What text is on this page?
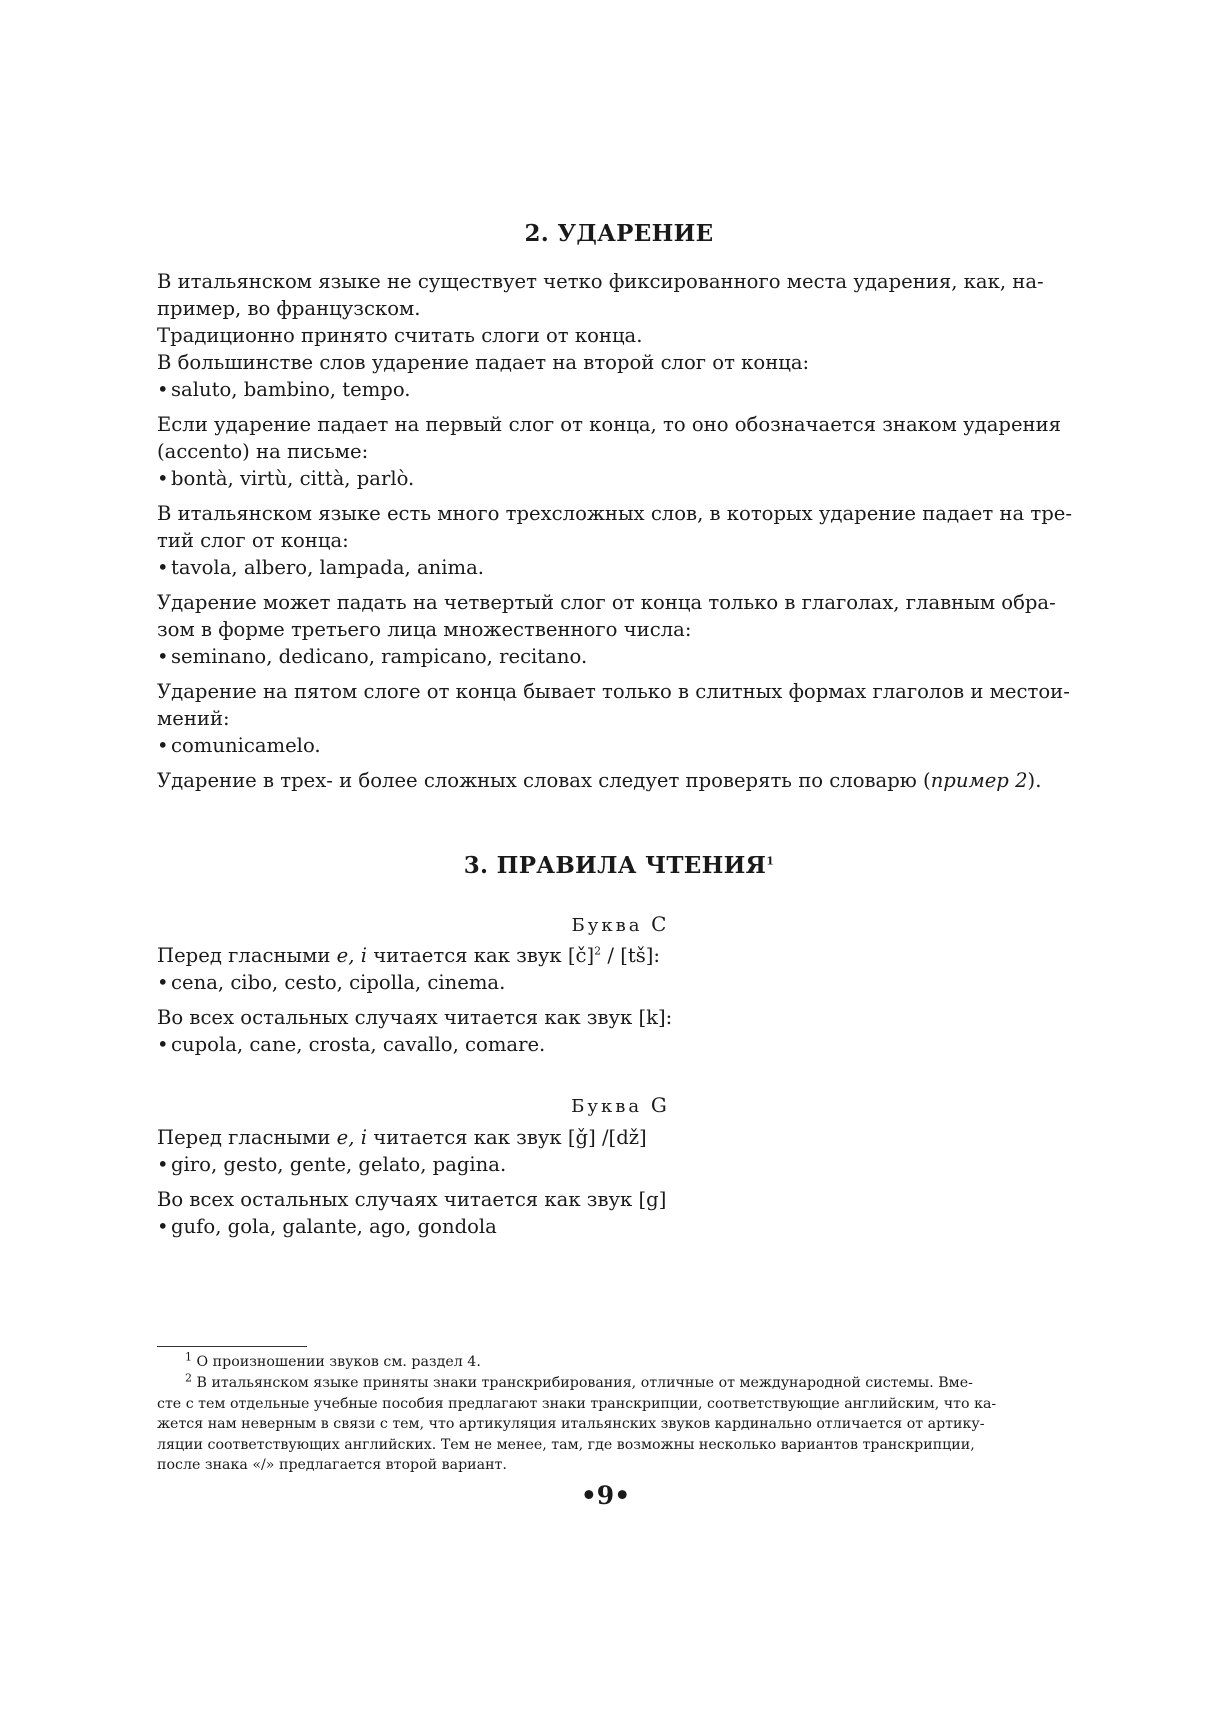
2. УДАРЕНИЕ
В итальянском языке не существует четко фиксированного места ударения, как, на-
пример, во французском.
Традиционно принято считать слоги от конца.
В большинстве слов ударение падает на второй слог от конца:
• saluto, bambino, tempo.
Если ударение падает на первый слог от конца, то оно обозначается знаком ударения
(accento) на письме:
• bontà, virtù, città, parlò.
В итальянском языке есть много трехсложных слов, в которых ударение падает на тре-
тий слог от конца:
• tavola, albero, lampada, anima.
Ударение может падать на четвертый слог от конца только в глаголах, главным обра-
зом в форме третьего лица множественного числа:
• seminano, dedicano, rampicano, recitano.
Ударение на пятом слоге от конца бывает только в слитных формах глаголов и местои-
мений:
• comunicamelo.
Ударение в трех- и более сложных словах следует проверять по словарю (пример 2).
3. ПРАВИЛА ЧТЕНИЯ$^1$
Буква C
Перед гласными e, i читается как звук [č]$^2$ / [tš]:
• cena, cibo, cesto, cipolla, cinema.
Во всех остальных случаях читается как звук [k]:
• cupola, cane, crosta, cavallo, comare.
Буква G
Перед гласными e, i читается как звук [ǧ] /[dž]
• giro, gesto, gente, gelato, pagina.
Во всех остальных случаях читается как звук [g]
• gufo, gola, galante, ago, gondola
$^1$ О произношении звуков см. раздел 4.
$^2$ В итальянском языке приняты знаки транскрибирования, отличные от международной системы. Вме-
сте с тем отдельные учебные пособия предлагают знаки транскрипции, соответствующие английским, что ка-
жется нам неверным в связи с тем, что артикуляция итальянских звуков кардинально отличается от артику-
ляции соответствующих английских. Тем не менее, там, где возможны несколько вариантов транскрипции,
после знака «/» предлагается второй вариант.
•9•
